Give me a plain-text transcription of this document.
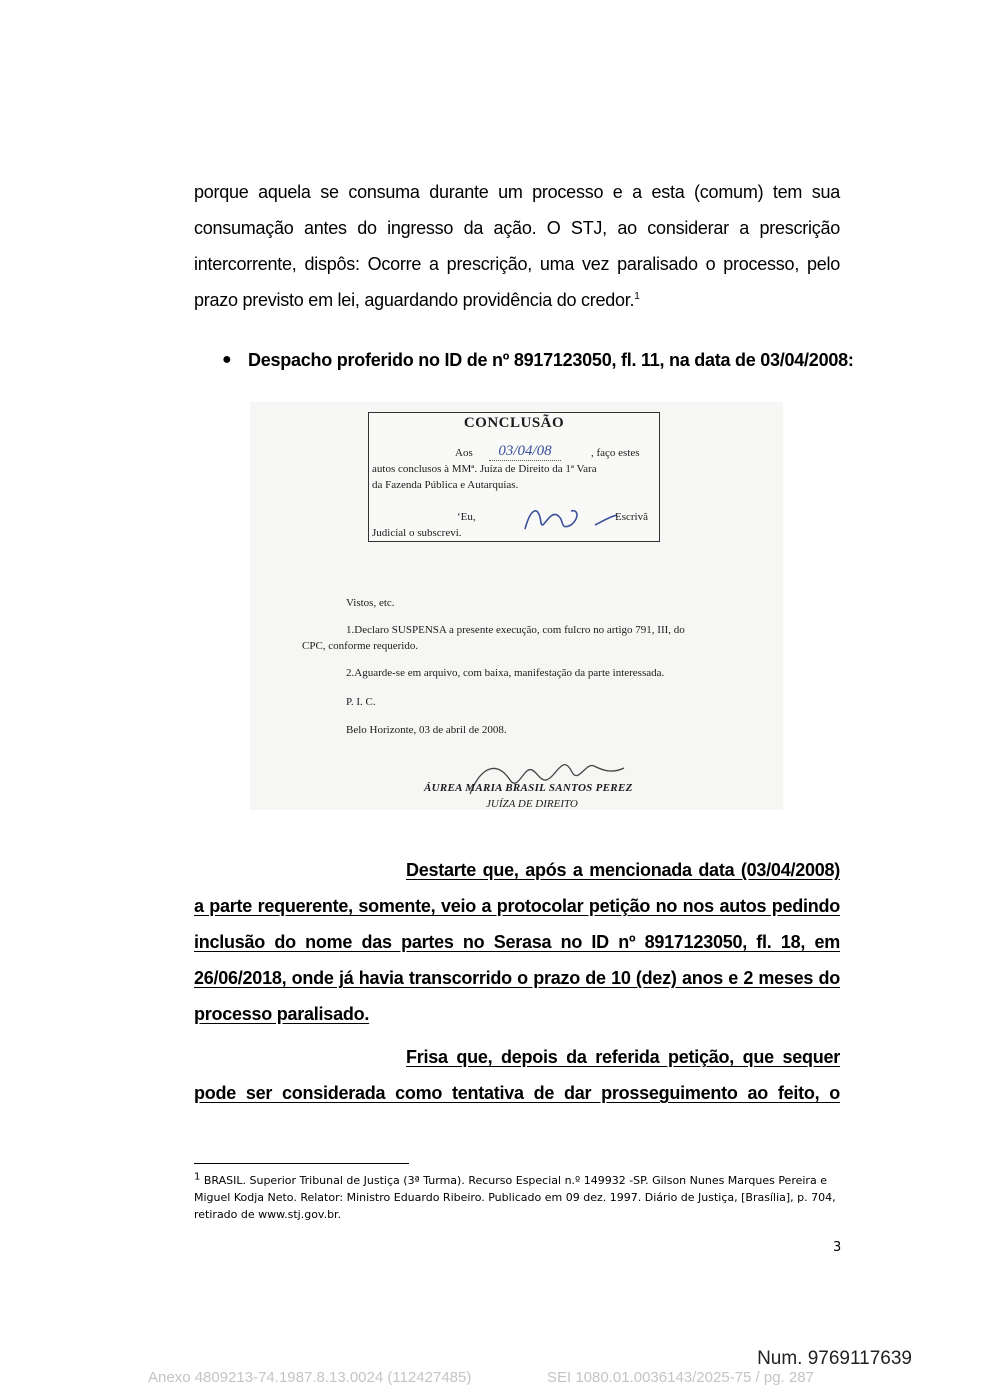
porque aquela se consuma durante um processo e a esta (comum) tem sua consumação antes do ingresso da ação. O STJ, ao considerar a prescrição intercorrente, dispôs: Ocorre a prescrição, uma vez paralisado o processo, pelo prazo previsto em lei, aguardando providência do credor.$^1$

● Despacho proferido no ID de nº 8917123050, fl. 11, na data de 03/04/2008:
CONCLUSÃO
Aos	03/04/08	, faço estes
autos conclusos à MMª. Juíza de Direito da 1ª Vara
da Fazenda Pública e Autarquias.
‘Eu,	Escrivã
Judicial o subscrevi.
Vistos, etc.
1.Declaro SUSPENSA a presente execução, com fulcro no artigo 791, III, do
CPC, conforme requerido.
2.Aguarde-se em arquivo, com baixa, manifestação da parte interessada.
P. I. C.
Belo Horizonte, 03 de abril de 2008.
ÁUREA MARIA BRASIL SANTOS PEREZ
JUÍZA DE DIREITO

Destarte que, após a mencionada data (03/04/2008) a parte requerente, somente, veio a protocolar petição no nos autos pedindo inclusão do nome das partes no Serasa no ID nº 8917123050, fl. 18, em 26/06/2018, onde já havia transcorrido o prazo de 10 (dez) anos e 2 meses do processo paralisado.

Frisa que, depois da referida petição, que sequer pode ser considerada como tentativa de dar prosseguimento ao feito, o

$^1$ BRASIL. Superior Tribunal de Justiça (3ª Turma). Recurso Especial n.º 149932 -SP. Gilson Nunes Marques Pereira e Miguel Kodja Neto. Relator: Ministro Eduardo Ribeiro. Publicado em 09 dez. 1997. Diário de Justiça, [Brasília], p. 704, retirado de www.stj.gov.br.

3
Num. 9769117639
Anexo 4809213-74.1987.8.13.0024 (112427485)	SEI 1080.01.0036143/2025-75 / pg. 287
